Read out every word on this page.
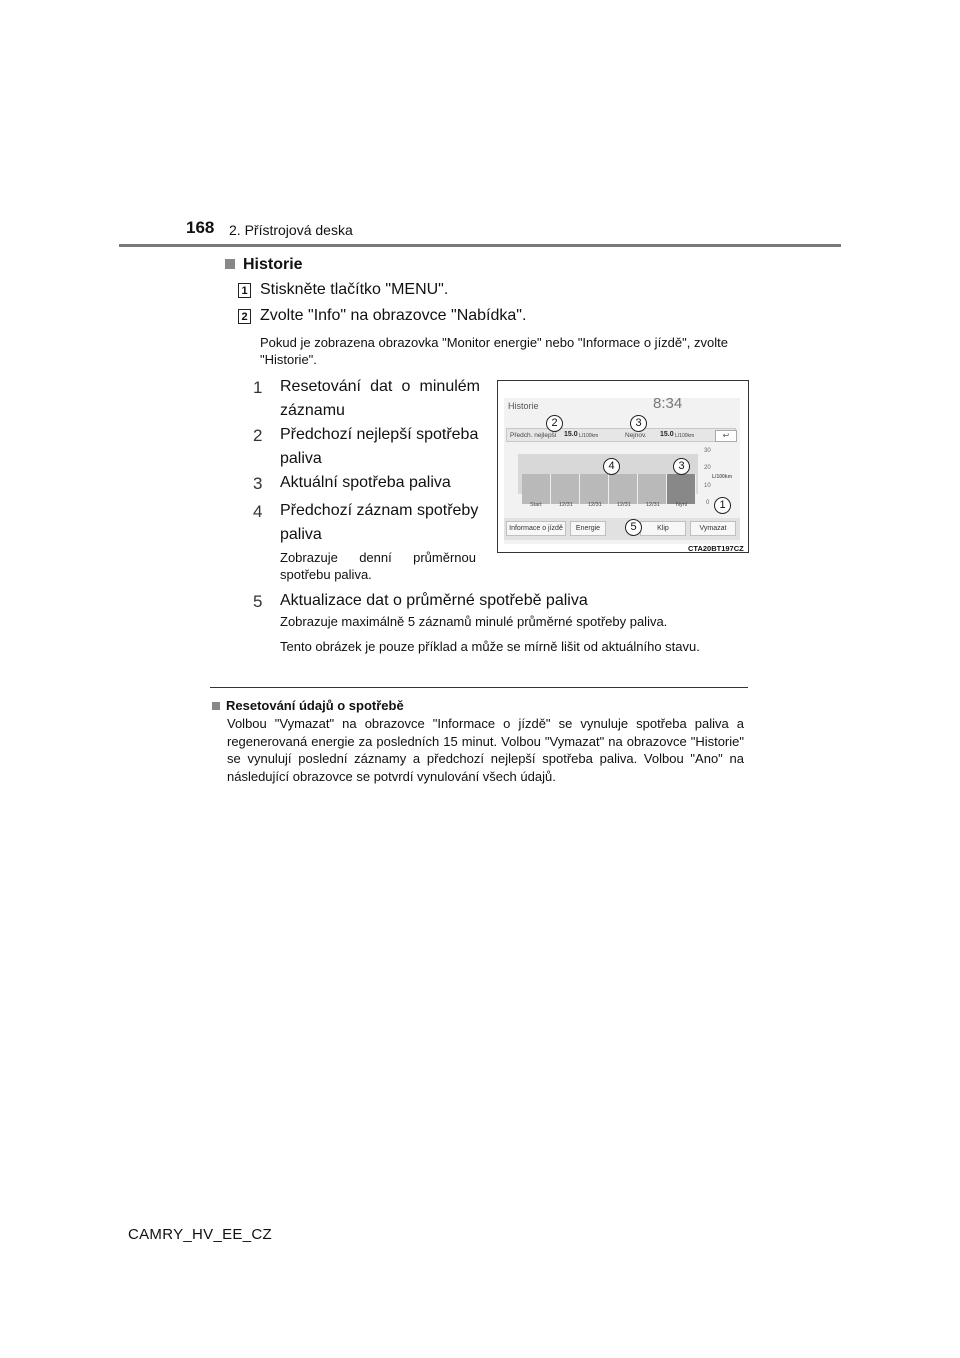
168 2. Přístrojová deska
Historie
1 Stiskněte tlačítko "MENU".
2 Zvolte "Info" na obrazovce "Nabídka".
Pokud je zobrazena obrazovka "Monitor energie" nebo "Informace o jízdě", zvolte "Historie".
1 Resetování dat o minulém záznamu
2 Předchozí nejlepší spotřeba paliva
3 Aktuální spotřeba paliva
4 Předchozí záznam spotřeby paliva
Zobrazuje denní průměrnou spotřebu paliva.
5 Aktualizace dat o průměrné spotřebě paliva
Zobrazuje maximálně 5 záznamů minulé průměrné spotřeby paliva.
Tento obrázek je pouze příklad a může se mírně lišit od aktuálního stavu.
Historie	8:34
Předch. nejlepší 15.0 L/100km	Nejnov. 15.0 L/100km	↩
30
20
10
0
L/100km
Start	12/31	12/31	12/31	12/31	Nyní
Informace o jízdě	Energie	Klip	Vymazat
2	3
4	3
1
5
CTA20BT197CZ
Resetování údajů o spotřebě
Volbou "Vymazat" na obrazovce "Informace o jízdě" se vynuluje spotřeba paliva a regenerovaná energie za posledních 15 minut. Volbou "Vymazat" na obrazovce "Historie" se vynulují poslední záznamy a předchozí nejlepší spotřeba paliva. Volbou "Ano" na následující obrazovce se potvrdí vynulování všech údajů.
CAMRY_HV_EE_CZ
